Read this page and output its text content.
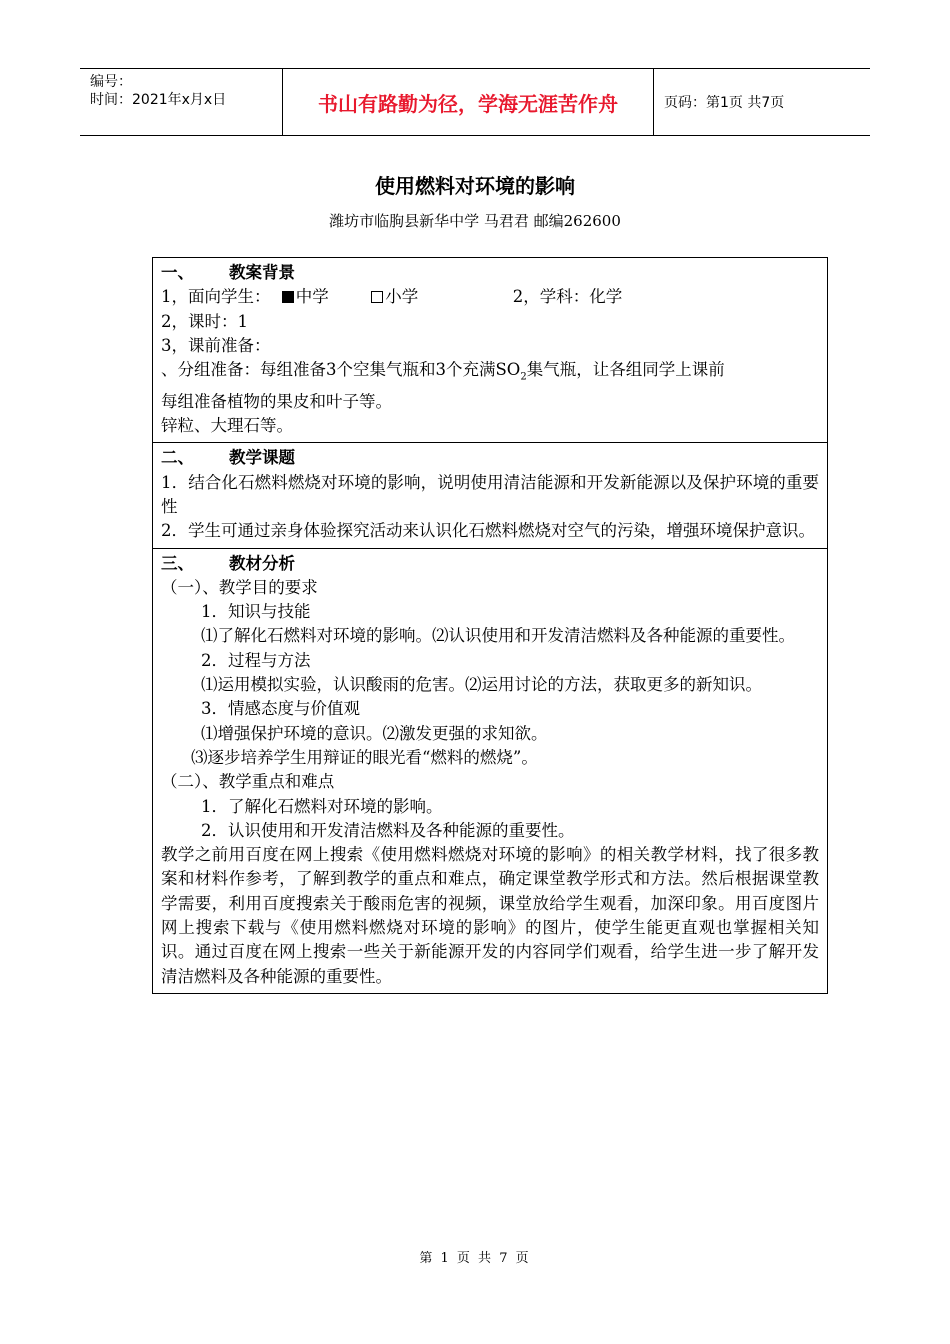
编号：
时间：2021年x月x日	书山有路勤为径，学海无涯苦作舟	页码：第1页 共7页
使用燃料对环境的影响
潍坊市临朐县新华中学 马君君 邮编262600
一、 教案背景
1，面向学生： 中学	小学	2，学科：化学
2，课时：1
3，课前准备：
、分组准备：每组准备3个空集气瓶和3个充满$SO_2$集气瓶，让各组同学上课前
每组准备植物的果皮和叶子等。
锌粒、大理石等。
二、 教学课题
1．结合化石燃料燃烧对环境的影响，说明使用清洁能源和开发新能源以及保护环境的重要性
2．学生可通过亲身体验探究活动来认识化石燃料燃烧对空气的污染，增强环境保护意识。
三、 教材分析
（一）、教学目的要求
1．知识与技能
⑴了解化石燃料对环境的影响。⑵认识使用和开发清洁燃料及各种能源的重要性。
2．过程与方法
⑴运用模拟实验，认识酸雨的危害。⑵运用讨论的方法，获取更多的新知识。
3．情感态度与价值观
⑴增强保护环境的意识。⑵激发更强的求知欲。
⑶逐步培养学生用辩证的眼光看“燃料的燃烧”。
（二）、教学重点和难点
1．了解化石燃料对环境的影响。
2．认识使用和开发清洁燃料及各种能源的重要性。
教学之前用百度在网上搜索《使用燃料燃烧对环境的影响》的相关教学材料，找了很多教案和材料作参考，了解到教学的重点和难点，确定课堂教学形式和方法。然后根据课堂教学需要，利用百度搜索关于酸雨危害的视频，课堂放给学生观看，加深印象。用百度图片网上搜索下载与《使用燃料燃烧对环境的影响》的图片，使学生能更直观也掌握相关知识。通过百度在网上搜索一些关于新能源开发的内容同学们观看，给学生进一步了解开发清洁燃料及各种能源的重要性。
第 1 页 共 7 页
